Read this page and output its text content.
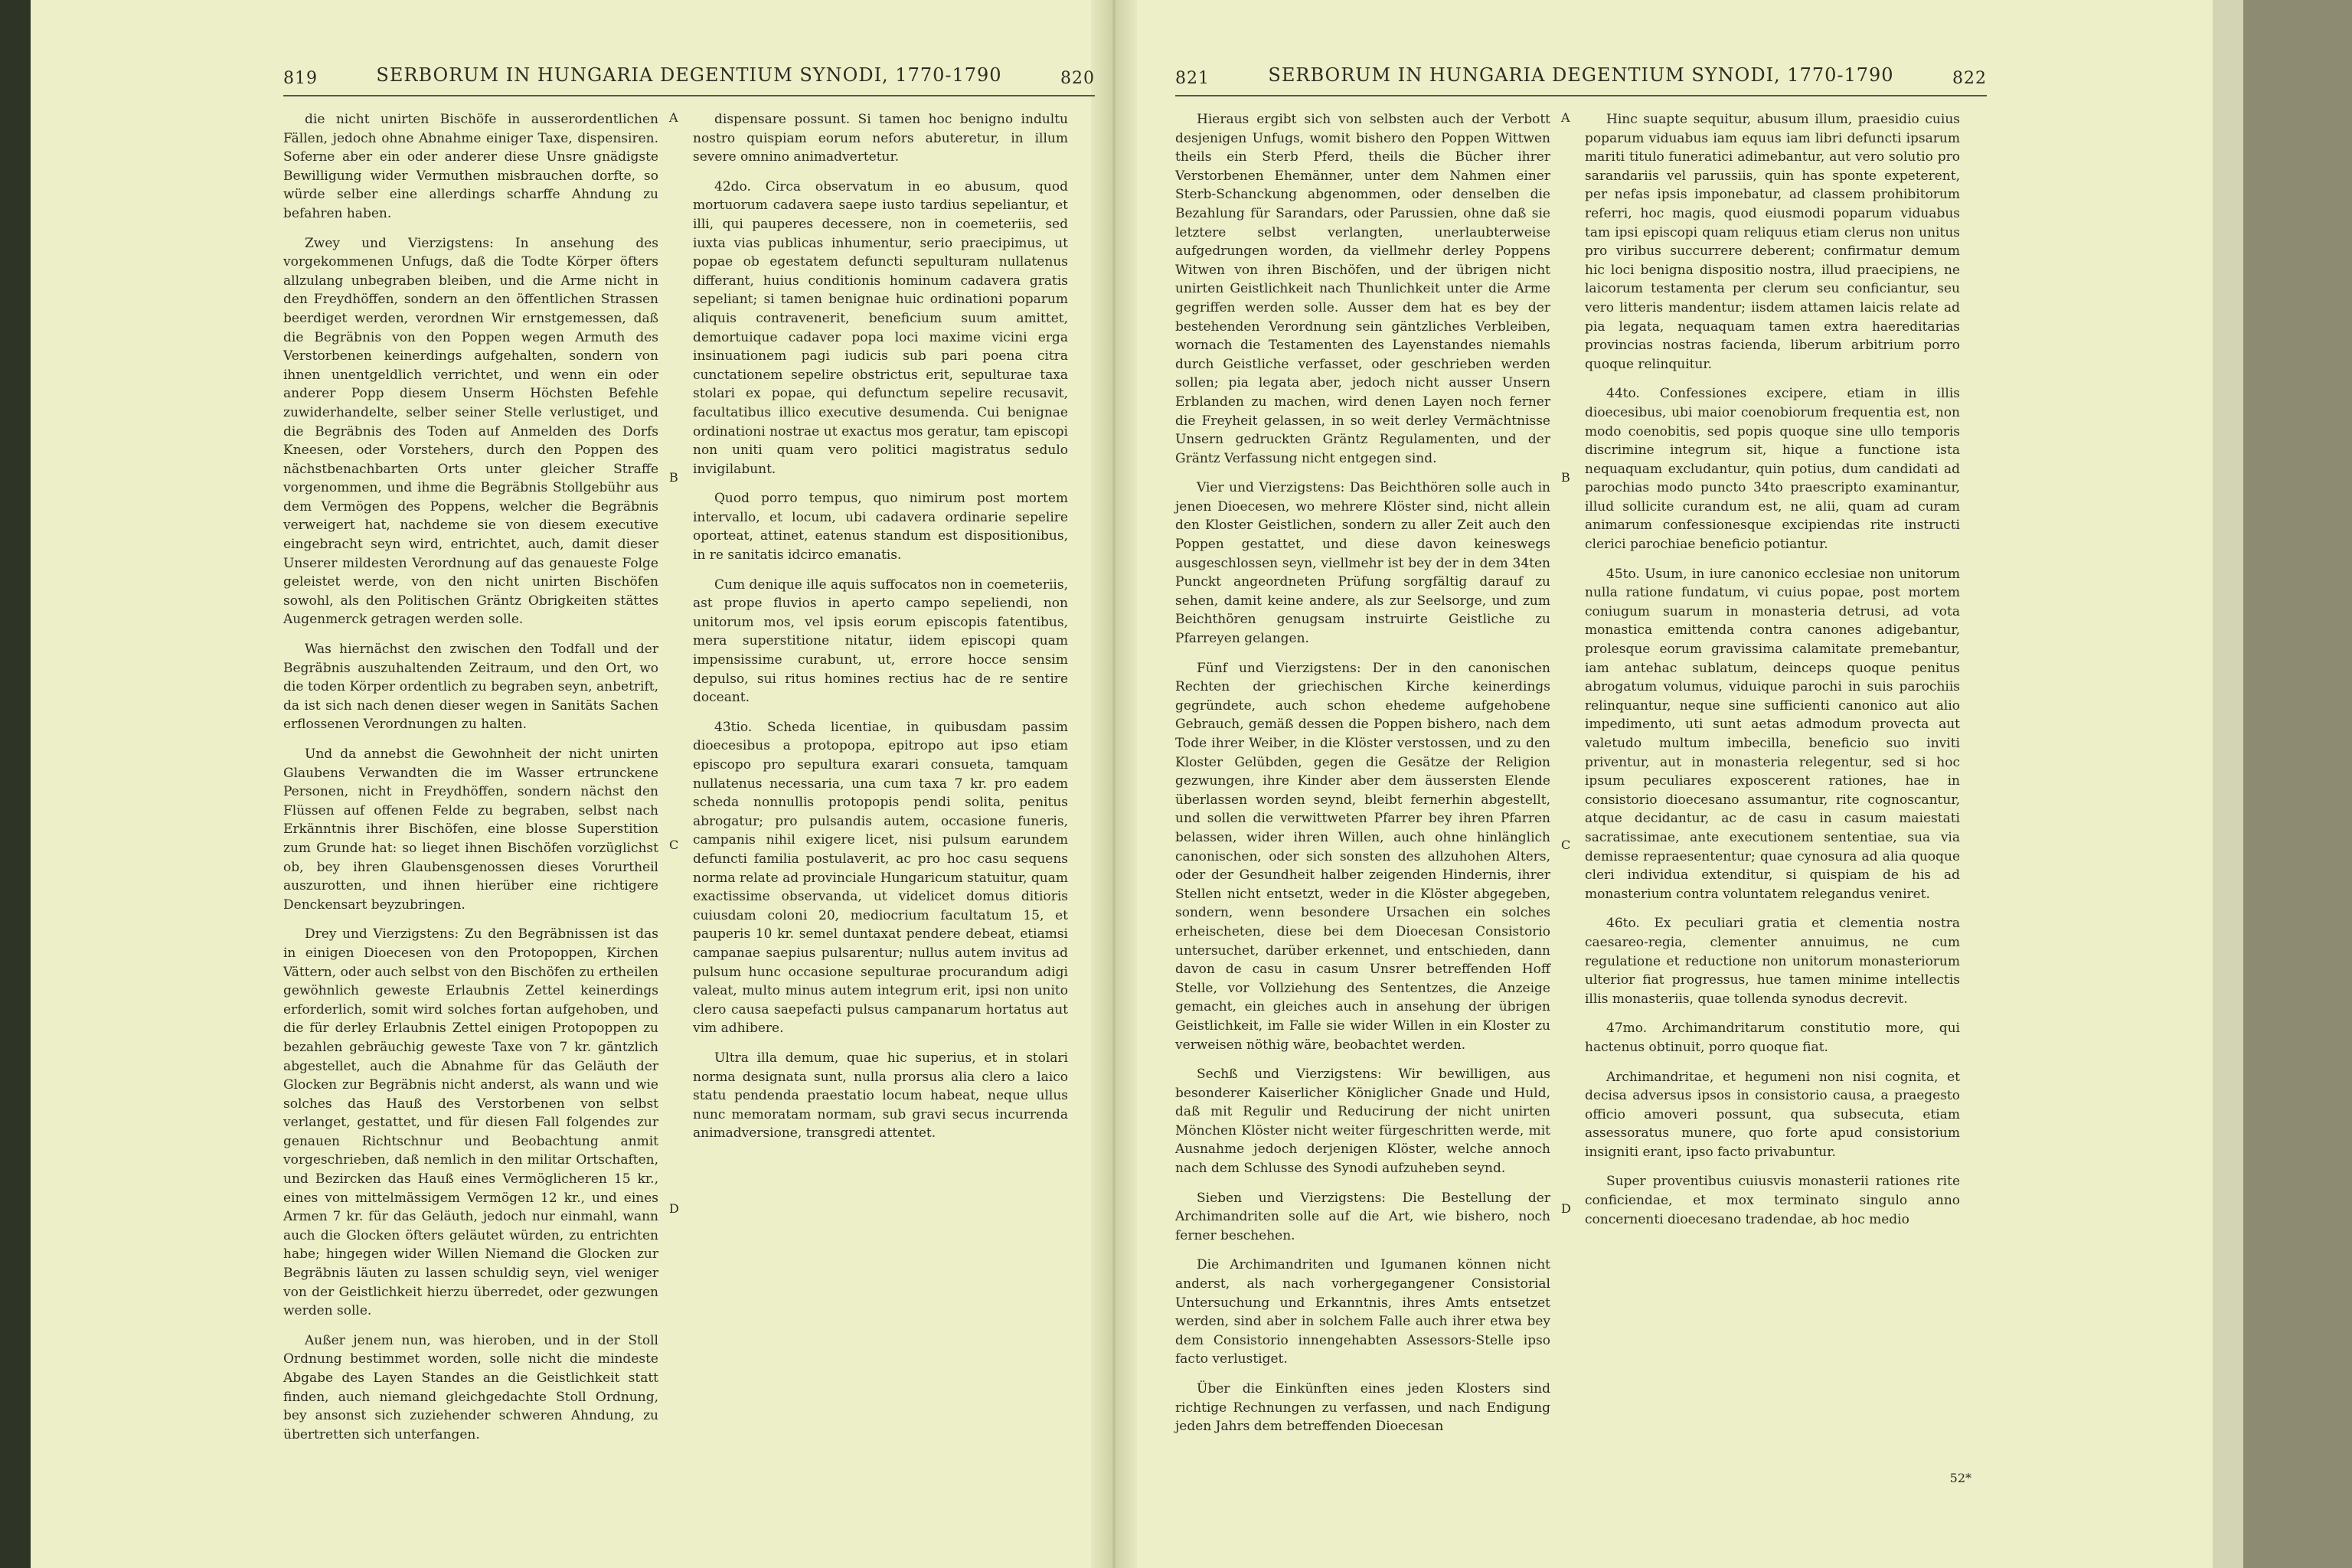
819	SERBORUM IN HUNGARIA DEGENTIUM SYNODI, 1770-1790	820

die nicht unirten Bischöfe in ausserordentlichen Fällen, jedoch ohne Abnahme einiger Taxe, dispensiren. Soferne aber ein oder anderer diese Unsre gnädigste Bewilligung wider Vermuthen misbrauchen dorfte, so würde selber eine allerdings scharffe Ahndung zu befahren haben.

Zwey und Vierzigstens: In ansehung des vorgekommenen Unfugs, daß die Todte Körper öfters allzulang unbegraben bleiben, und die Arme nicht in den Freydhöffen, sondern an den öffentlichen Strassen beerdiget werden, verordnen Wir ernstgemessen, daß die Begräbnis von den Poppen wegen Armuth des Verstorbenen keinerdings aufgehalten, sondern von ihnen unentgeldlich verrichtet, und wenn ein oder anderer Popp diesem Unserm Höchsten Befehle zuwiderhandelte, selber seiner Stelle verlustiget, und die Begräbnis des Toden auf Anmelden des Dorfs Kneesen, oder Vorstehers, durch den Poppen des nächstbenachbarten Orts unter gleicher Straffe vorgenommen, und ihme die Begräbnis Stollgebühr aus dem Vermögen des Poppens, welcher die Begräbnis verweigert hat, nachdeme sie von diesem executive eingebracht seyn wird, entrichtet, auch, damit dieser Unserer mildesten Verordnung auf das genaueste Folge geleistet werde, von den nicht unirten Bischöfen sowohl, als den Politischen Gräntz Obrigkeiten stättes Augenmerck getragen werden solle.

Was hiernächst den zwischen den Todfall und der Begräbnis auszuhaltenden Zeitraum, und den Ort, wo die toden Körper ordentlich zu begraben seyn, anbetrift, da ist sich nach denen dieser wegen in Sanitäts Sachen erflossenen Verordnungen zu halten.

Und da annebst die Gewohnheit der nicht unirten Glaubens Verwandten die im Wasser ertrunckene Personen, nicht in Freydhöffen, sondern nächst den Flüssen auf offenen Felde zu begraben, selbst nach Erkänntnis ihrer Bischöfen, eine blosse Superstition zum Grunde hat: so lieget ihnen Bischöfen vorzüglichst ob, bey ihren Glaubensgenossen dieses Vorurtheil auszurotten, und ihnen hierüber eine richtigere Denckensart beyzubringen.

Drey und Vierzigstens: Zu den Begräbnissen ist das in einigen Dioecesen von den Protopoppen, Kirchen Vättern, oder auch selbst von den Bischöfen zu ertheilen gewöhnlich geweste Erlaubnis Zettel keinerdings erforderlich, somit wird solches fortan aufgehoben, und die für derley Erlaubnis Zettel einigen Protopoppen zu bezahlen gebräuchig geweste Taxe von 7 kr. gäntzlich abgestellet, auch die Abnahme für das Geläuth der Glocken zur Begräbnis nicht anderst, als wann und wie solches das Hauß des Verstorbenen von selbst verlanget, gestattet, und für diesen Fall folgendes zur genauen Richtschnur und Beobachtung anmit vorgeschrieben, daß nemlich in den militar Ortschaften, und Bezircken das Hauß eines Vermöglicheren 15 kr., eines von mittelmässigem Vermögen 12 kr., und eines Armen 7 kr. für das Geläuth, jedoch nur einmahl, wann auch die Glocken öfters geläutet würden, zu entrichten habe; hingegen wider Willen Niemand die Glocken zur Begräbnis läuten zu lassen schuldig seyn, viel weniger von der Geistlichkeit hierzu überredet, oder gezwungen werden solle.

Außer jenem nun, was hieroben, und in der Stoll Ordnung bestimmet worden, solle nicht die mindeste Abgabe des Layen Standes an die Geistlichkeit statt finden, auch niemand gleichgedachte Stoll Ordnung, bey ansonst sich zuziehender schweren Ahndung, zu übertretten sich unterfangen.

A
B
C
D

dispensare possunt. Si tamen hoc benigno indultu nostro quispiam eorum nefors abuteretur, in illum severe omnino animadvertetur.

42do. Circa observatum in eo abusum, quod mortuorum cadavera saepe iusto tardius sepeliantur, et illi, qui pauperes decessere, non in coemeteriis, sed iuxta vias publicas inhumentur, serio praecipimus, ut popae ob egestatem defuncti sepulturam nullatenus differant, huius conditionis hominum cadavera gratis sepeliant; si tamen benignae huic ordinationi poparum aliquis contravenerit, beneficium suum amittet, demortuique cadaver popa loci maxime vicini erga insinuationem pagi iudicis sub pari poena citra cunctationem sepelire obstrictus erit, sepulturae taxa stolari ex popae, qui defunctum sepelire recusavit, facultatibus illico executive desumenda. Cui benignae ordinationi nostrae ut exactus mos geratur, tam episcopi non uniti quam vero politici magistratus sedulo invigilabunt.

Quod porro tempus, quo nimirum post mortem intervallo, et locum, ubi cadavera ordinarie sepelire oporteat, attinet, eatenus standum est dispositionibus, in re sanitatis idcirco emanatis.

Cum denique ille aquis suffocatos non in coemeteriis, ast prope fluvios in aperto campo sepeliendi, non unitorum mos, vel ipsis eorum episcopis fatentibus, mera superstitione nitatur, iidem episcopi quam impensissime curabunt, ut, errore hocce sensim depulso, sui ritus homines rectius hac de re sentire doceant.

43tio. Scheda licentiae, in quibusdam passim dioecesibus a protopopa, epitropo aut ipso etiam episcopo pro sepultura exarari consueta, tamquam nullatenus necessaria, una cum taxa 7 kr. pro eadem scheda nonnullis protopopis pendi solita, penitus abrogatur; pro pulsandis autem, occasione funeris, campanis nihil exigere licet, nisi pulsum earundem defuncti familia postulaverit, ac pro hoc casu sequens norma relate ad provinciale Hungaricum statuitur, quam exactissime observanda, ut videlicet domus ditioris cuiusdam coloni 20, mediocrium facultatum 15, et pauperis 10 kr. semel duntaxat pendere debeat, etiamsi campanae saepius pulsarentur; nullus autem invitus ad pulsum hunc occasione sepulturae procurandum adigi valeat, multo minus autem integrum erit, ipsi non unito clero causa saepefacti pulsus campanarum hortatus aut vim adhibere.

Ultra illa demum, quae hic superius, et in stolari norma designata sunt, nulla prorsus alia clero a laico statu pendenda praestatio locum habeat, neque ullus nunc memoratam normam, sub gravi secus incurrenda animadversione, transgredi attentet.

821	SERBORUM IN HUNGARIA DEGENTIUM SYNODI, 1770-1790	822

Hieraus ergibt sich von selbsten auch der Verbott desjenigen Unfugs, womit bishero den Poppen Wittwen theils ein Sterb Pferd, theils die Bücher ihrer Verstorbenen Ehemänner, unter dem Nahmen einer Sterb-Schanckung abgenommen, oder denselben die Bezahlung für Sarandars, oder Parussien, ohne daß sie letztere selbst verlangten, unerlaubterweise aufgedrungen worden, da viellmehr derley Poppens Witwen von ihren Bischöfen, und der übrigen nicht unirten Geistlichkeit nach Thunlichkeit unter die Arme gegriffen werden solle. Ausser dem hat es bey der bestehenden Verordnung sein gäntzliches Verbleiben, wornach die Testamenten des Layenstandes niemahls durch Geistliche verfasset, oder geschrieben werden sollen; pia legata aber, jedoch nicht ausser Unsern Erblanden zu machen, wird denen Layen noch ferner die Freyheit gelassen, in so weit derley Vermächtnisse Unsern gedruckten Gräntz Regulamenten, und der Gräntz Verfassung nicht entgegen sind.

Vier und Vierzigstens: Das Beichthören solle auch in jenen Dioecesen, wo mehrere Klöster sind, nicht allein den Kloster Geistlichen, sondern zu aller Zeit auch den Poppen gestattet, und diese davon keineswegs ausgeschlossen seyn, viellmehr ist bey der in dem 34ten Punckt angeordneten Prüfung sorgfältig darauf zu sehen, damit keine andere, als zur Seelsorge, und zum Beichthören genugsam instruirte Geistliche zu Pfarreyen gelangen.

Fünf und Vierzigstens: Der in den canonischen Rechten der griechischen Kirche keinerdings gegründete, auch schon ehedeme aufgehobene Gebrauch, gemäß dessen die Poppen bishero, nach dem Tode ihrer Weiber, in die Klöster verstossen, und zu den Kloster Gelübden, gegen die Gesätze der Religion gezwungen, ihre Kinder aber dem äussersten Elende überlassen worden seynd, bleibt fernerhin abgestellt, und sollen die verwittweten Pfarrer bey ihren Pfarren belassen, wider ihren Willen, auch ohne hinlänglich canonischen, oder sich sonsten des allzuhohen Alters, oder der Gesundheit halber zeigenden Hindernis, ihrer Stellen nicht entsetzt, weder in die Klöster abgegeben, sondern, wenn besondere Ursachen ein solches erheischeten, diese bei dem Dioecesan Consistorio untersuchet, darüber erkennet, und entschieden, dann davon de casu in casum Unsrer betreffenden Hoff Stelle, vor Vollziehung des Sententzes, die Anzeige gemacht, ein gleiches auch in ansehung der übrigen Geistlichkeit, im Falle sie wider Willen in ein Kloster zu verweisen nöthig wäre, beobachtet werden.

Sechß und Vierzigstens: Wir bewilligen, aus besonderer Kaiserlicher Königlicher Gnade und Huld, daß mit Regulir und Reducirung der nicht unirten Mönchen Klöster nicht weiter fürgeschritten werde, mit Ausnahme jedoch derjenigen Klöster, welche annoch nach dem Schlusse des Synodi aufzuheben seynd.

Sieben und Vierzigstens: Die Bestellung der Archimandriten solle auf die Art, wie bishero, noch ferner beschehen.

Die Archimandriten und Igumanen können nicht anderst, als nach vorhergegangener Consistorial Untersuchung und Erkanntnis, ihres Amts entsetzet werden, sind aber in solchem Falle auch ihrer etwa bey dem Consistorio innengehabten Assessors-Stelle ipso facto verlustiget.

Über die Einkünften eines jeden Klosters sind richtige Rechnungen zu verfassen, und nach Endigung jeden Jahrs dem betreffenden Dioecesan

A
B
C
D

Hinc suapte sequitur, abusum illum, praesidio cuius poparum viduabus iam equus iam libri defuncti ipsarum mariti titulo funeratici adimebantur, aut vero solutio pro sarandariis vel parussiis, quin has sponte expeterent, per nefas ipsis imponebatur, ad classem prohibitorum referri, hoc magis, quod eiusmodi poparum viduabus tam ipsi episcopi quam reliquus etiam clerus non unitus pro viribus succurrere deberent; confirmatur demum hic loci benigna dispositio nostra, illud praecipiens, ne laicorum testamenta per clerum seu conficiantur, seu vero litteris mandentur; iisdem attamen laicis relate ad pia legata, nequaquam tamen extra haereditarias provincias nostras facienda, liberum arbitrium porro quoque relinquitur.

44to. Confessiones excipere, etiam in illis dioecesibus, ubi maior coenobiorum frequentia est, non modo coenobitis, sed popis quoque sine ullo temporis discrimine integrum sit, hique a functione ista nequaquam excludantur, quin potius, dum candidati ad parochias modo puncto 34to praescripto examinantur, illud sollicite curandum est, ne alii, quam ad curam animarum confessionesque excipiendas rite instructi clerici parochiae beneficio potiantur.

45to. Usum, in iure canonico ecclesiae non unitorum nulla ratione fundatum, vi cuius popae, post mortem coniugum suarum in monasteria detrusi, ad vota monastica emittenda contra canones adigebantur, prolesque eorum gravissima calamitate premebantur, iam antehac sublatum, deinceps quoque penitus abrogatum volumus, viduique parochi in suis parochiis relinquantur, neque sine sufficienti canonico aut alio impedimento, uti sunt aetas admodum provecta aut valetudo multum imbecilla, beneficio suo inviti priventur, aut in monasteria relegentur, sed si hoc ipsum peculiares exposcerent rationes, hae in consistorio dioecesano assumantur, rite cognoscantur, atque decidantur, ac de casu in casum maiestati sacratissimae, ante executionem sententiae, sua via demisse repraesententur; quae cynosura ad alia quoque cleri individua extenditur, si quispiam de his ad monasterium contra voluntatem relegandus veniret.

46to. Ex peculiari gratia et clementia nostra caesareo-regia, clementer annuimus, ne cum regulatione et reductione non unitorum monasteriorum ulterior fiat progressus, hue tamen minime intellectis illis monasteriis, quae tollenda synodus decrevit.

47mo. Archimandritarum constitutio more, qui hactenus obtinuit, porro quoque fiat.

Archimandritae, et hegumeni non nisi cognita, et decisa adversus ipsos in consistorio causa, a praegesto officio amoveri possunt, qua subsecuta, etiam assessoratus munere, quo forte apud consistorium insigniti erant, ipso facto privabuntur.

Super proventibus cuiusvis monasterii rationes rite conficiendae, et mox terminato singulo anno concernenti dioecesano tradendae, ab hoc medio

52*
